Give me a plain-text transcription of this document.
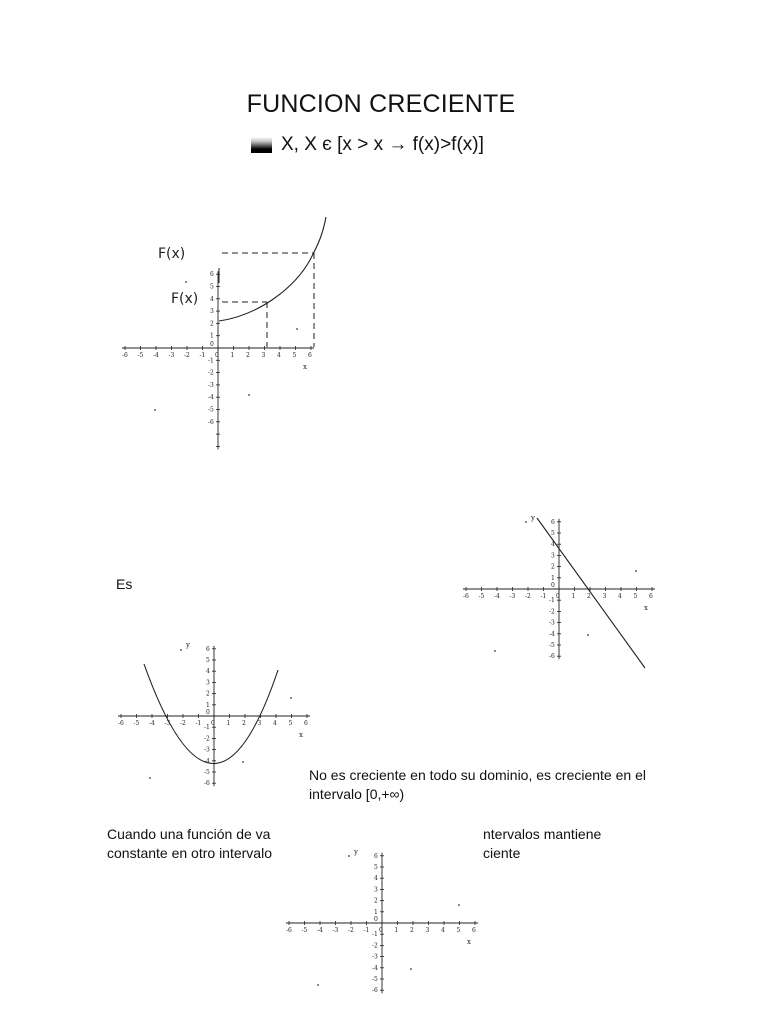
FUNCION CRECIENTE
X, X є [x > x → f(x)>f(x)]
-6 -5 -4 -3 -2 -1 0 1 2 3 4 5 6
1
2
3
4
5
6
0
-1
-2
-3
-4
-5
-6
x
F(x)
F(x)
-6 -5 -4 -3 -2 -1 0 1 2 3 4 5 6
1
2
3
4
5
6
0
-1
-2
-3
-4
-5
-6
x
y
Es
-6 -5 -4 -3 -2 -1 0 1 2 3 4 5 6
1
2
3
4
5
6
0
-1
-2
-3
-4
-5
-6
x
y
No es creciente en todo su dominio, es creciente en el
intervalo [0,+∞)
Cuando una función de va
constante en otro intervalo
ntervalos mantiene
ciente
-6 -5 -4 -3 -2 -1 0 1 2 3 4 5 6
1
2
3
4
5
6
0
-1
-2
-3
-4
-5
-6
x
y
